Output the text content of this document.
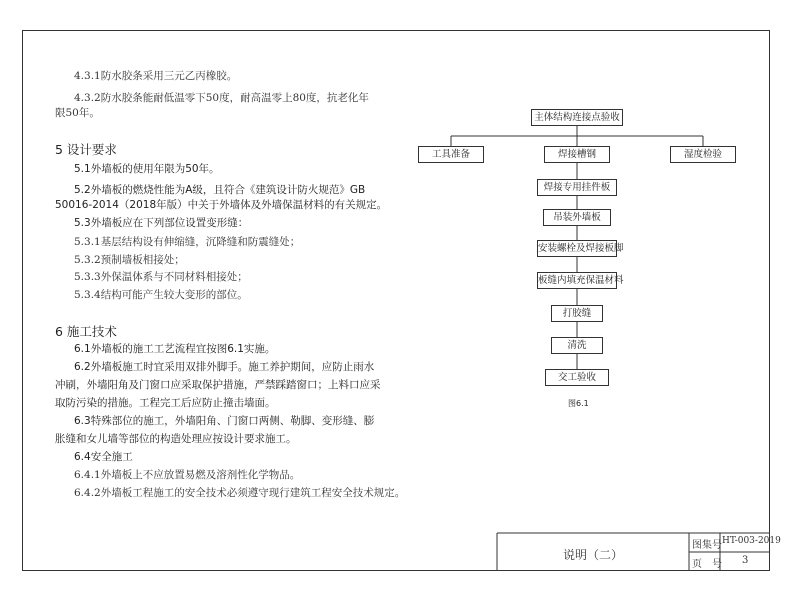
4.3.1防水胶条采用三元乙丙橡胶。
4.3.2防水胶条能耐低温零下50度，耐高温零上80度，抗老化年
限50年。
5 设计要求
5.1外墙板的使用年限为50年。
5.2外墙板的燃烧性能为A级，且符合《建筑设计防火规范》GB
50016-2014（2018年版）中关于外墙体及外墙保温材料的有关规定。
5.3外墙板应在下列部位设置变形缝：
5.3.1基层结构设有伸缩缝，沉降缝和防震缝处；
5.3.2预制墙板相接处；
5.3.3外保温体系与不同材料相接处；
5.3.4结构可能产生较大变形的部位。
6 施工技术
6.1外墙板的施工工艺流程宜按图6.1实施。
6.2外墙板施工时宜采用双排外脚手。施工养护期间，应防止雨水
冲刷，外墙阳角及门窗口应采取保护措施，严禁踩踏窗口；上料口应采
取防污染的措施。工程完工后应防止撞击墙面。
6.3特殊部位的施工，外墙阳角、门窗口两侧、勒脚、变形缝、膨
胀缝和女儿墙等部位的构造处理应按设计要求施工。
6.4安全施工
6.4.1外墙板上不应放置易燃及溶剂性化学物品。
6.4.2外墙板工程施工的安全技术必须遵守现行建筑工程安全技术规定。
主体结构连接点验收
工具准备	焊接槽钢	湿度检验
焊接专用挂件板
吊装外墙板
安装螺栓及焊接板脚
板缝内填充保温材料
打胶缝
清洗
交工验收
图6.1
说明（二）
图集号 HT-003-2019
页　号 3
